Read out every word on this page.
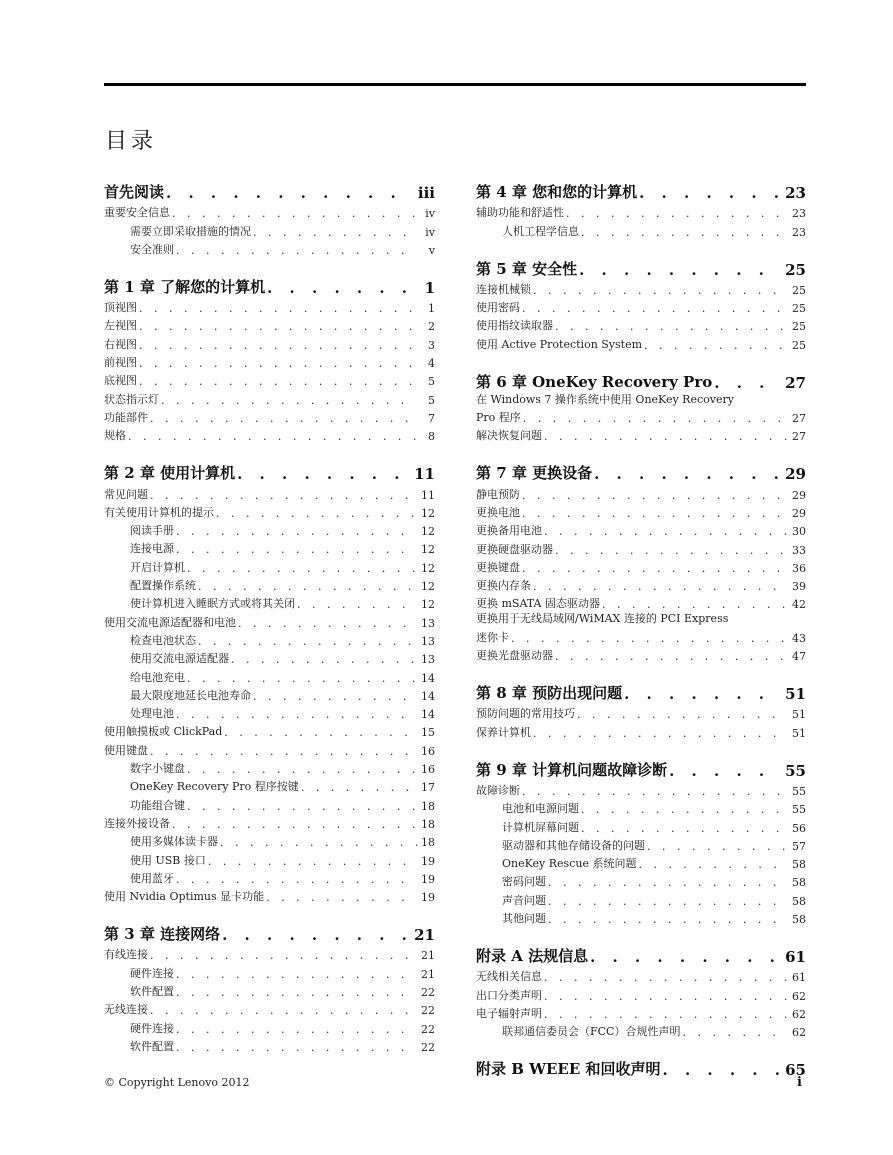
目录
首先阅读 . . .	iii
重要安全信息 . . .	iv
需要立即采取措施的情况 . . .	iv
安全准则 . . .	v
第 1 章 了解您的计算机 . . .	1
顶视图 . . .	1
左视图 . . .	2
右视图 . . .	3
前视图 . . .	4
底视图 . . .	5
状态指示灯 . . .	5
功能部件 . . .	7
规格 . . .	8
第 2 章 使用计算机 . . .	11
常见问题 . . .	11
有关使用计算机的提示 . . .	12
阅读手册 . . .	12
连接电源 . . .	12
开启计算机 . . .	12
配置操作系统 . . .	12
使计算机进入睡眠方式或将其关闭 . . .	12
使用交流电源适配器和电池 . . .	13
检查电池状态 . . .	13
使用交流电源适配器 . . .	13
给电池充电 . . .	14
最大限度地延长电池寿命 . . .	14
处理电池 . . .	14
使用触摸板或 ClickPad . . .	15
使用键盘 . . .	16
数字小键盘 . . .	16
OneKey Recovery Pro 程序按键 . . .	17
功能组合键 . . .	18
连接外接设备 . . .	18
使用多媒体读卡器 . . .	18
使用 USB 接口 . . .	19
使用蓝牙 . . .	19
使用 Nvidia Optimus 显卡功能 . . .	19
第 3 章 连接网络 . . .	21
有线连接 . . .	21
硬件连接 . . .	21
软件配置 . . .	22
无线连接 . . .	22
硬件连接 . . .	22
软件配置 . . .	22
第 4 章 您和您的计算机 . . .	23
辅助功能和舒适性 . . .	23
人机工程学信息 . . .	23
第 5 章 安全性 . . .	25
连接机械锁 . . .	25
使用密码 . . .	25
使用指纹读取器 . . .	25
使用 Active Protection System . . .	25
第 6 章 OneKey Recovery Pro . . .	27
在 Windows 7 操作系统中使用 OneKey Recovery
Pro 程序 . . .	27
解决恢复问题 . . .	27
第 7 章 更换设备 . . .	29
静电预防 . . .	29
更换电池 . . .	29
更换备用电池 . . .	30
更换硬盘驱动器 . . .	33
更换键盘 . . .	36
更换内存条 . . .	39
更换 mSATA 固态驱动器 . . .	42
更换用于无线局域网/WiMAX 连接的 PCI Express
迷你卡 . . .	43
更换光盘驱动器 . . .	47
第 8 章 预防出现问题 . . .	51
预防问题的常用技巧 . . .	51
保养计算机 . . .	51
第 9 章 计算机问题故障诊断 . . .	55
故障诊断 . . .	55
电池和电源问题 . . .	55
计算机屏幕问题 . . .	56
驱动器和其他存储设备的问题 . . .	57
OneKey Rescue 系统问题 . . .	58
密码问题 . . .	58
声音问题 . . .	58
其他问题 . . .	58
附录 A 法规信息 . . .	61
无线相关信息 . . .	61
出口分类声明 . . .	62
电子辐射声明 . . .	62
联邦通信委员会（FCC）合规性声明 . . .	62
附录 B WEEE 和回收声明 . . .	65
© Copyright Lenovo 2012	i
